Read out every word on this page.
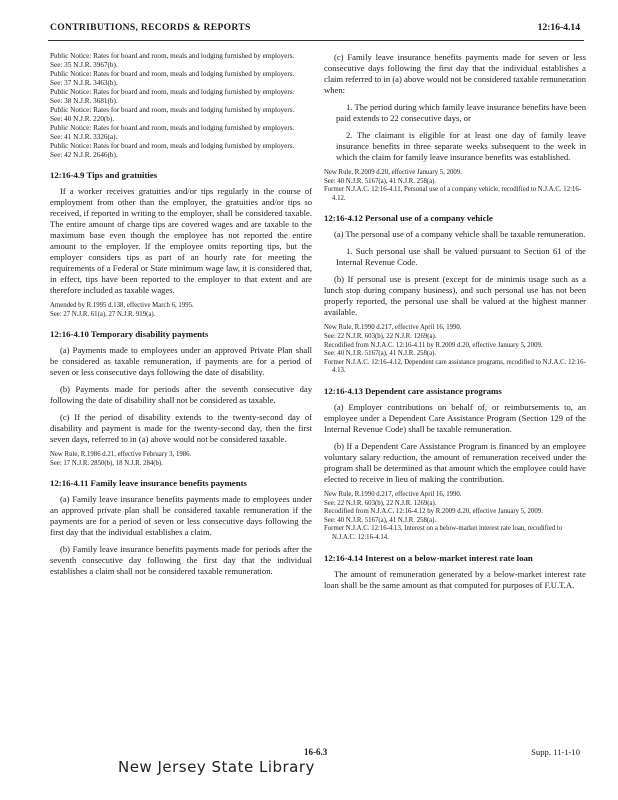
CONTRIBUTIONS, RECORDS & REPORTS	12:16-4.14
Public Notice: Rates for board and room, meals and lodging furnished by employers.
See: 35 N.J.R. 3967(b).
Public Notice: Rates for board and room, meals and lodging furnished by employers.
See: 37 N.J.R. 3463(b).
Public Notice: Rates for board and room, meals and lodging furnished by employers.
See: 38 N.J.R. 3681(b).
Public Notice: Rates for board and room, meals and lodging furnished by employers.
See: 40 N.J.R. 220(b).
Public Notice: Rates for board and room, meals and lodging furnished by employers.
See: 41 N.J.R. 3326(a).
Public Notice: Rates for board and room, meals and lodging furnished by employers.
See: 42 N.J.R. 2646(b).
12:16-4.9 Tips and gratuities

If a worker receives gratuities and/or tips regularly in the course of employment from other than the employer, the gratuities and/or tips so received, if reported in writing to the employer, shall be considered taxable. The entire amount of charge tips are covered wages and are taxable to the maximum base even though the employee has not reported the entire amount to the employer. If the employee omits reporting tips, but the employer considers tips as part of an hourly rate for meeting the requirements of a Federal or State minimum wage law, it is considered that, in effect, tips have been reported to the employer to that extent and are therefore included as taxable wages.

Amended by R.1995 d.138, effective March 6, 1995.
See: 27 N.J.R. 61(a), 27 N.J.R. 919(a).
12:16-4.10 Temporary disability payments

(a) Payments made to employees under an approved Private Plan shall be considered as taxable remuneration, if payments are for a period of seven or less consecutive days following the date of disability.

(b) Payments made for periods after the seventh consecutive day following the date of disability shall not be considered as taxable.

(c) If the period of disability extends to the twenty-second day of disability and payment is made for the twenty-second day, then the first seven days, referred to in (a) above would not be considered taxable.

New Rule, R.1986 d.21, effective February 3, 1986.
See: 17 N.J.R. 2850(b), 18 N.J.R. 284(b).
12:16-4.11 Family leave insurance benefits payments

(a) Family leave insurance benefits payments made to employees under an approved private plan shall be considered taxable remuneration if the payments are for a period of seven or less consecutive days following the first day that the individual establishes a claim.

(b) Family leave insurance benefits payments made for periods after the seventh consecutive day following the first day that the individual establishes a claim shall not be considered taxable remuneration.

(c) Family leave insurance benefits payments made for seven or less consecutive days following the first day that the individual establishes a claim referred to in (a) above would not be considered taxable remuneration when:

1. The period during which family leave insurance benefits have been paid extends to 22 consecutive days, or

2. The claimant is eligible for at least one day of family leave insurance benefits in three separate weeks subsequent to the week in which the claim for family leave insurance benefits was established.

New Rule, R.2009 d.20, effective January 5, 2009.
See: 40 N.J.R. 5167(a), 41 N.J.R. 258(a).
Former N.J.A.C. 12:16-4.11, Personal use of a company vehicle, recodified to N.J.A.C. 12:16-4.12.
12:16-4.12 Personal use of a company vehicle

(a) The personal use of a company vehicle shall be taxable remuneration.

1. Such personal use shall be valued pursuant to Section 61 of the Internal Revenue Code.

(b) If personal use is present (except for de minimis usage such as a lunch stop during company business), and such personal use has not been properly reported, the personal use shall be valued at the highest manner available.

New Rule, R.1990 d.217, effective April 16, 1990.
See: 22 N.J.R. 603(b), 22 N.J.R. 1269(a).
Recodified from N.J.A.C. 12:16-4.11 by R.2009 d.20, effective January 5, 2009.
See: 40 N.J.R. 5167(a), 41 N.J.R. 258(a).
Former N.J.A.C. 12:16-4.12, Dependent care assistance programs, recodified to N.J.A.C. 12:16-4.13.
12:16-4.13 Dependent care assistance programs

(a) Employer contributions on behalf of, or reimbursements to, an employee under a Dependent Care Assistance Program (Section 129 of the Internal Revenue Code) shall be taxable remuneration.

(b) If a Dependent Care Assistance Program is financed by an employee voluntary salary reduction, the amount of remuneration received under the program shall be determined as that amount which the employee could have elected to receive in lieu of making the contribution.

New Rule, R.1990 d.217, effective April 16, 1990.
See: 22 N.J.R. 603(b), 22 N.J.R. 1269(a).
Recodified from N.J.A.C. 12:16-4.12 by R.2009 d.20, effective January 5, 2009.
See: 40 N.J.R. 5167(a), 41 N.J.R. 258(a).
Former N.J.A.C. 12:16-4.13, Interest on a below-market interest rate loan, recodified to N.J.A.C. 12:16-4.14.
12:16-4.14 Interest on a below-market interest rate loan

The amount of remuneration generated by a below-market interest rate loan shall be the same amount as that computed for purposes of F.U.T.A.

16-6.3	Supp. 11-1-10
New Jersey State Library
